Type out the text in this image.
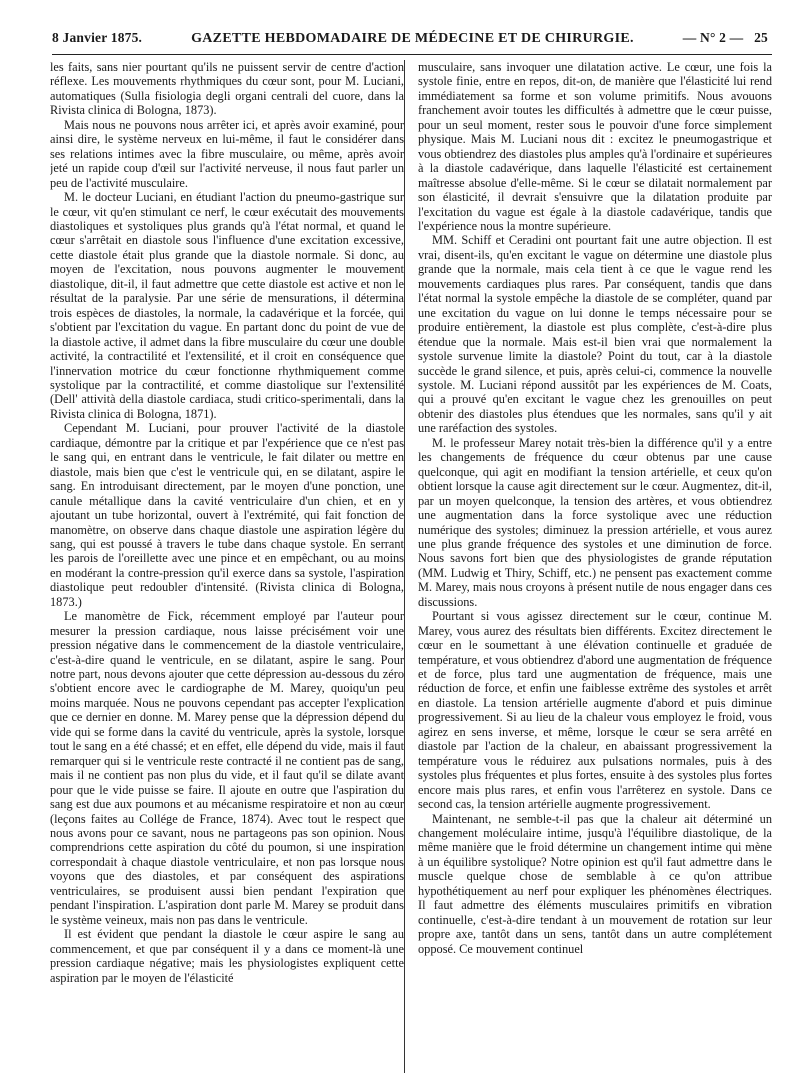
8 Janvier 1875.	GAZETTE HEBDOMADAIRE DE MÉDECINE ET DE CHIRURGIE.	— N° 2 — 25

les faits, sans nier pourtant qu'ils ne puissent servir de centre d'action réflexe. Les mouvements rhythmiques du cœur sont, pour M. Luciani, automatiques (Sulla fisiologia degli organi centrali del cuore, dans la Rivista clinica di Bologna, 1873).

Mais nous ne pouvons nous arrêter ici, et après avoir examiné, pour ainsi dire, le système nerveux en lui-même, il faut le considérer dans ses relations intimes avec la fibre musculaire, ou même, après avoir jeté un rapide coup d'œil sur l'activité nerveuse, il nous faut parler un peu de l'activité musculaire.

M. le docteur Luciani, en étudiant l'action du pneumo-gastrique sur le cœur, vit qu'en stimulant ce nerf, le cœur exécutait des mouvements diastoliques et systoliques plus grands qu'à l'état normal, et quand le cœur s'arrêtait en diastole sous l'influence d'une excitation excessive, cette diastole était plus grande que la diastole normale. Si donc, au moyen de l'excitation, nous pouvons augmenter le mouvement diastolique, dit-il, il faut admettre que cette diastole est active et non le résultat de la paralysie. Par une série de mensurations, il détermina trois espèces de diastoles, la normale, la cadavérique et la forcée, qui s'obtient par l'excitation du vague. En partant donc du point de vue de la diastole active, il admet dans la fibre musculaire du cœur une double activité, la contractilité et l'extensilité, et il croit en conséquence que l'innervation motrice du cœur fonctionne rhythmiquement comme systolique par la contractilité, et comme diastolique sur l'extensilité (Dell' attività della diastole cardiaca, studi critico-sperimentali, dans la Rivista clinica di Bologna, 1871).

Cependant M. Luciani, pour prouver l'activité de la diastole cardiaque, démontre par la critique et par l'expérience que ce n'est pas le sang qui, en entrant dans le ventricule, le fait dilater ou mettre en diastole, mais bien que c'est le ventricule qui, en se dilatant, aspire le sang. En introduisant directement, par le moyen d'une ponction, une canule métallique dans la cavité ventriculaire d'un chien, et en y ajoutant un tube horizontal, ouvert à l'extrémité, qui fait fonction de manomètre, on observe dans chaque diastole une aspiration légère du sang, qui est poussé à travers le tube dans chaque systole. En serrant les parois de l'oreillette avec une pince et en empêchant, ou au moins en modérant la contre-pression qu'il exerce dans sa systole, l'aspiration diastolique peut redoubler d'intensité. (Rivista clinica di Bologna, 1873.)

Le manomètre de Fick, récemment employé par l'auteur pour mesurer la pression cardiaque, nous laisse précisément voir une pression négative dans le commencement de la diastole ventriculaire, c'est-à-dire quand le ventricule, en se dilatant, aspire le sang. Pour notre part, nous devons ajouter que cette dépression au-dessous du zéro s'obtient encore avec le cardiographe de M. Marey, quoiqu'un peu moins marquée. Nous ne pouvons cependant pas accepter l'explication que ce dernier en donne. M. Marey pense que la dépression dépend du vide qui se forme dans la cavité du ventricule, après la systole, lorsque tout le sang en a été chassé; et en effet, elle dépend du vide, mais il faut remarquer qui si le ventricule reste contracté il ne contient pas de sang, mais il ne contient pas non plus du vide, et il faut qu'il se dilate avant pour que le vide puisse se faire. Il ajoute en outre que l'aspiration du sang est due aux poumons et au mécanisme respiratoire et non au cœur (leçons faites au Collége de France, 1874). Avec tout le respect que nous avons pour ce savant, nous ne partageons pas son opinion. Nous comprendrions cette aspiration du côté du poumon, si une inspiration correspondait à chaque diastole ventriculaire, et non pas lorsque nous voyons que des diastoles, et par conséquent des aspirations ventriculaires, se produisent aussi bien pendant l'expiration que pendant l'inspiration. L'aspiration dont parle M. Marey se produit dans le système veineux, mais non pas dans le ventricule.

Il est évident que pendant la diastole le cœur aspire le sang au commencement, et que par conséquent il y a dans ce moment-là une pression cardiaque négative; mais les physiologistes expliquent cette aspiration par le moyen de l'élasticité

musculaire, sans invoquer une dilatation active. Le cœur, une fois la systole finie, entre en repos, dit-on, de manière que l'élasticité lui rend immédiatement sa forme et son volume primitifs. Nous avouons franchement avoir toutes les difficultés à admettre que le cœur puisse, pour un seul moment, rester sous le pouvoir d'une force simplement physique. Mais M. Luciani nous dit : excitez le pneumogastrique et vous obtiendrez des diastoles plus amples qu'à l'ordinaire et supérieures à la diastole cadavérique, dans laquelle l'élasticité est certainement maîtresse absolue d'elle-même. Si le cœur se dilatait normalement par son élasticité, il devrait s'ensuivre que la dilatation produite par l'excitation du vague est égale à la diastole cadavérique, tandis que l'expérience nous la montre supérieure.

MM. Schiff et Ceradini ont pourtant fait une autre objection. Il est vrai, disent-ils, qu'en excitant le vague on détermine une diastole plus grande que la normale, mais cela tient à ce que le vague rend les mouvements cardiaques plus rares. Par conséquent, tandis que dans l'état normal la systole empêche la diastole de se compléter, quand par une excitation du vague on lui donne le temps nécessaire pour se produire entièrement, la diastole est plus complète, c'est-à-dire plus étendue que la normale. Mais est-il bien vrai que normalement la systole survenue limite la diastole? Point du tout, car à la diastole succède le grand silence, et puis, après celui-ci, commence la nouvelle systole. M. Luciani répond aussitôt par les expériences de M. Coats, qui a prouvé qu'en excitant le vague chez les grenouilles on peut obtenir des diastoles plus étendues que les normales, sans qu'il y ait une raréfaction des systoles.

M. le professeur Marey notait très-bien la différence qu'il y a entre les changements de fréquence du cœur obtenus par une cause quelconque, qui agit en modifiant la tension artérielle, et ceux qu'on obtient lorsque la cause agit directement sur le cœur. Augmentez, dit-il, par un moyen quelconque, la tension des artères, et vous obtiendrez une augmentation dans la force systolique avec une réduction numérique des systoles; diminuez la pression artérielle, et vous aurez une plus grande fréquence des systoles et une diminution de force. Nous savons fort bien que des physiologistes de grande réputation (MM. Ludwig et Thiry, Schiff, etc.) ne pensent pas exactement comme M. Marey, mais nous croyons à présent nutile de nous engager dans ces discussions.

Pourtant si vous agissez directement sur le cœur, continue M. Marey, vous aurez des résultats bien différents. Excitez directement le cœur en le soumettant à une élévation continuelle et graduée de température, et vous obtiendrez d'abord une augmentation de fréquence et de force, plus tard une augmentation de fréquence, mais une réduction de force, et enfin une faiblesse extrême des systoles et arrêt en diastole. La tension artérielle augmente d'abord et puis diminue progressivement. Si au lieu de la chaleur vous employez le froid, vous agirez en sens inverse, et même, lorsque le cœur se sera arrêté en diastole par l'action de la chaleur, en abaissant progressivement la température vous le réduirez aux pulsations normales, puis à des systoles plus fréquentes et plus fortes, ensuite à des systoles plus fortes encore mais plus rares, et enfin vous l'arrêterez en systole. Dans ce second cas, la tension artérielle augmente progressivement.

Maintenant, ne semble-t-il pas que la chaleur ait déterminé un changement moléculaire intime, jusqu'à l'équilibre diastolique, de la même manière que le froid détermine un changement intime qui mène à un équilibre systolique? Notre opinion est qu'il faut admettre dans le muscle quelque chose de semblable à ce qu'on attribue hypothétiquement au nerf pour expliquer les phénomènes électriques. Il faut admettre des éléments musculaires primitifs en vibration continuelle, c'est-à-dire tendant à un mouvement de rotation sur leur propre axe, tantôt dans un sens, tantôt dans un autre complétement opposé. Ce mouvement continuel
